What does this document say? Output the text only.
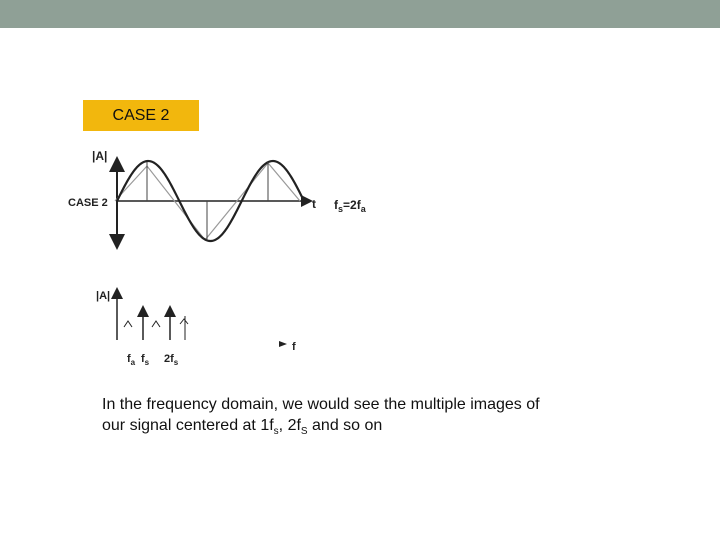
CASE 2
|A|
CASE 2	t $f_s=2f_a$
|A|
f
$f_a$ $f_s$ $2f_s$
In the frequency domain, we would see the multiple images of
our signal centered at $1f_s$, $2f_S$ and so on
